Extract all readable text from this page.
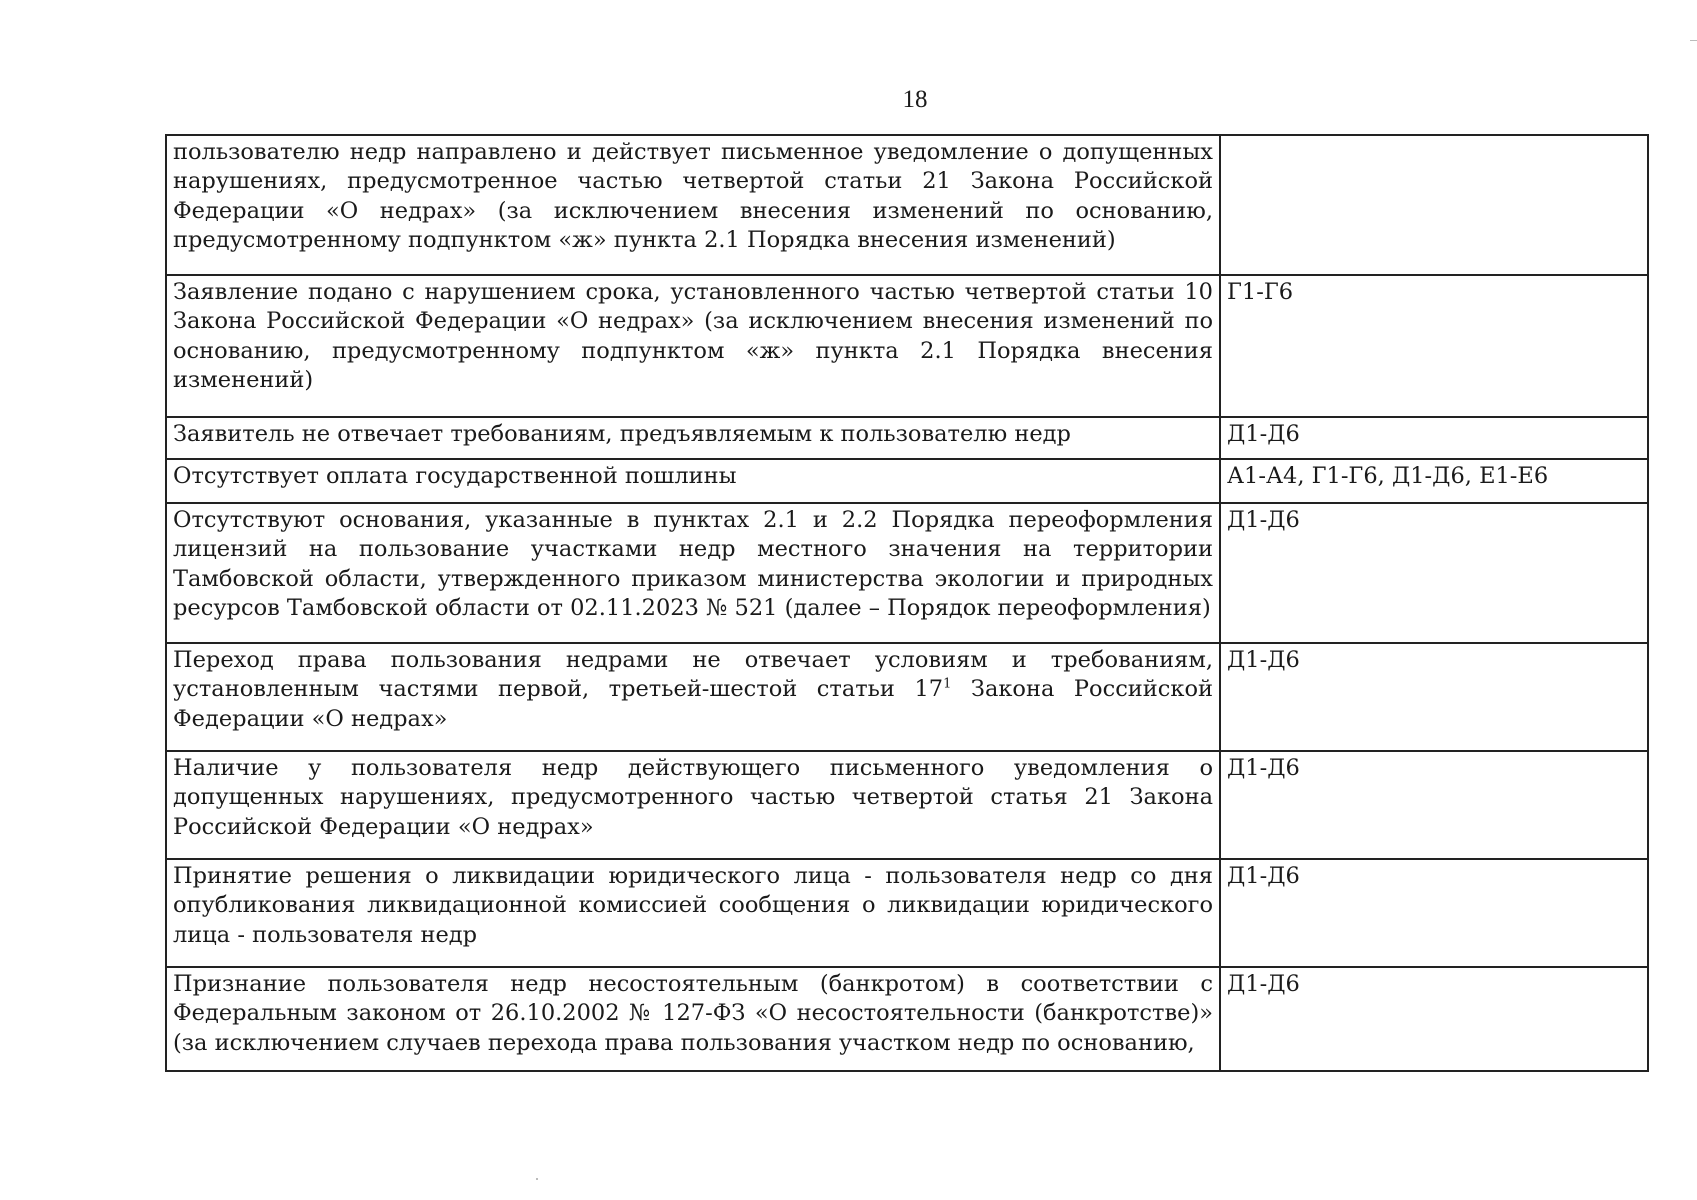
18
пользователю недр направлено и действует письменное уведомление о допущенных нарушениях, предусмотренное частью четвертой статьи 21 Закона Российской Федерации «О недрах» (за исключением внесения изменений по основанию, предусмотренному подпунктом «ж» пункта 2.1 Порядка внесения изменений)	
Заявление подано с нарушением срока, установленного частью четвертой статьи 10 Закона Российской Федерации «О недрах» (за исключением внесения изменений по основанию, предусмотренному подпунктом «ж» пункта 2.1 Порядка внесения изменений)	Г1-Г6
Заявитель не отвечает требованиям, предъявляемым к пользователю недр	Д1-Д6
Отсутствует оплата государственной пошлины	А1-А4, Г1-Г6, Д1-Д6, Е1-Е6
Отсутствуют основания, указанные в пунктах 2.1 и 2.2 Порядка переоформления лицензий на пользование участками недр местного значения на территории Тамбовской области, утвержденного приказом министерства экологии и природных ресурсов Тамбовской области от 02.11.2023 № 521 (далее – Порядок переоформления)	Д1-Д6
Переход права пользования недрами не отвечает условиям и требованиям, установленным частями первой, третьей-шестой статьи $17^1$ Закона Российской Федерации «О недрах»	Д1-Д6
Наличие у пользователя недр действующего письменного уведомления о допущенных нарушениях, предусмотренного частью четвертой статья 21 Закона Российской Федерации «О недрах»	Д1-Д6
Принятие решения о ликвидации юридического лица - пользователя недр со дня опубликования ликвидационной комиссией сообщения о ликвидации юридического лица - пользователя недр	Д1-Д6
Признание пользователя недр несостоятельным (банкротом) в соответствии с Федеральным законом от 26.10.2002 № 127-ФЗ «О несостоятельности (банкротстве)» (за исключением случаев перехода права пользования участком недр по основанию,	Д1-Д6
